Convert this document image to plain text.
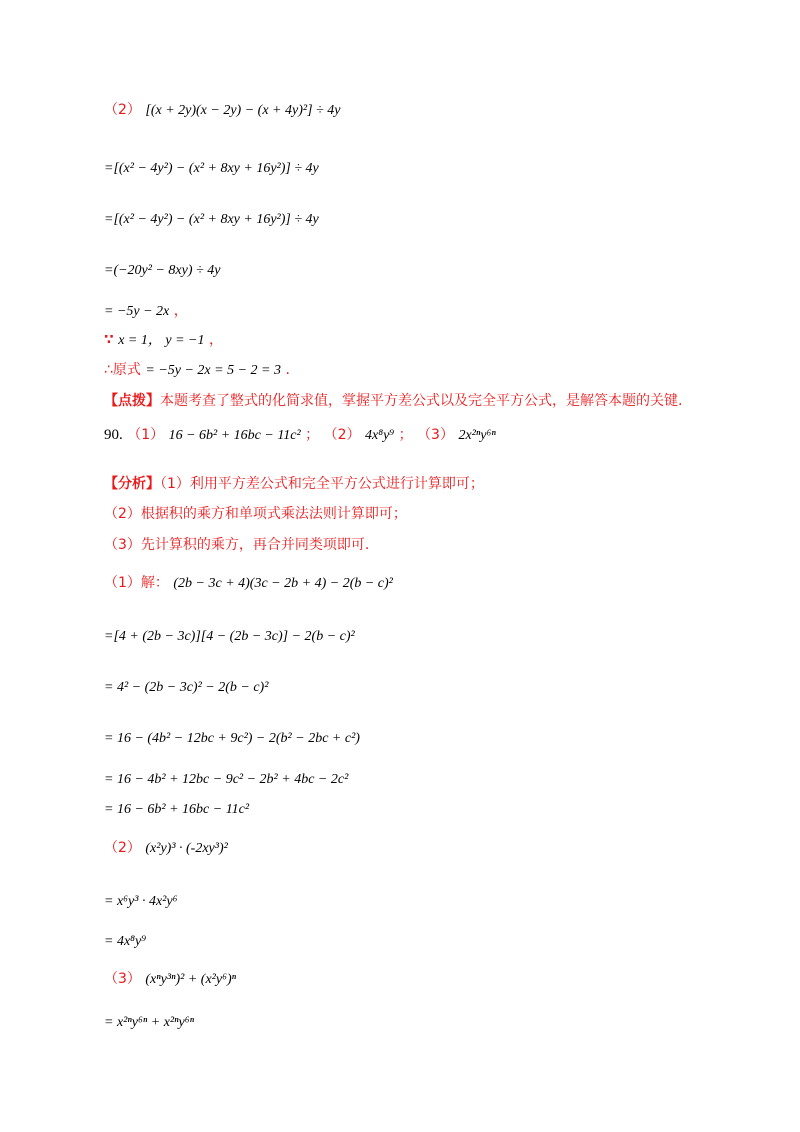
（2） [(x + 2y)(x − 2y) − (x + 4y)²] ÷ 4y
=[(x² − 4y²) − (x² + 8xy + 16y²)] ÷ 4y
=[(x² − 4y²) − (x² + 8xy + 16y²)] ÷ 4y
=(−20y² − 8xy) ÷ 4y
= −5y − 2x ，
∵ x = 1， y = −1 ，
∴原式 = −5y − 2x = 5 − 2 = 3 .
【点拨】本题考查了整式的化简求值，掌握平方差公式以及完全平方公式，是解答本题的关键.
90. （1） 16 − 6b² + 16bc − 11c² ； （2） 4x⁸y⁹ ； （3） 2x²ⁿy⁶ⁿ
【分析】（1）利用平方差公式和完全平方公式进行计算即可；
（2）根据积的乘方和单项式乘法法则计算即可；
（3）先计算积的乘方，再合并同类项即可.
（1）解： (2b − 3c + 4)(3c − 2b + 4) − 2(b − c)²
=[4 + (2b − 3c)][4 − (2b − 3c)] − 2(b − c)²
= 4² − (2b − 3c)² − 2(b − c)²
= 16 − (4b² − 12bc + 9c²) − 2(b² − 2bc + c²)
= 16 − 4b² + 12bc − 9c² − 2b² + 4bc − 2c²
= 16 − 6b² + 16bc − 11c²
（2） (x²y)³ · (-2xy³)²
= x⁶y³ · 4x²y⁶
= 4x⁸y⁹
（3） (xⁿy³ⁿ)² + (x²y⁶)ⁿ
= x²ⁿy⁶ⁿ + x²ⁿy⁶ⁿ
